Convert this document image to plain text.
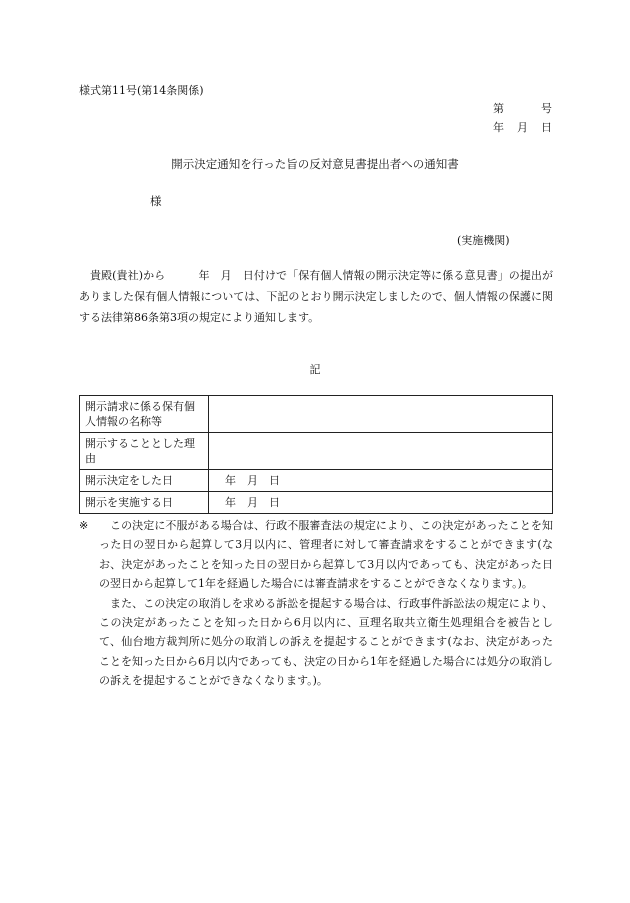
様式第11号(第14条関係)
第　　　号
年　月　日
開示決定通知を行った旨の反対意見書提出者への通知書
様
(実施機関)

貴殿(貴社)から　　　年　月　日付けで「保有個人情報の開示決定等に係る意見書」の提出がありました保有個人情報については、下記のとおり開示決定しましたので、個人情報の保護に関する法律第86条第3項の規定により通知します。

記
開示請求に係る保有個人情報の名称等	
開示することとした理由	
開示決定をした日	年　月　日
開示を実施する日	年　月　日
※	この決定に不服がある場合は、行政不服審査法の規定により、この決定があったことを知った日の翌日から起算して3月以内に、管理者に対して審査請求をすることができます(なお、決定があったことを知った日の翌日から起算して3月以内であっても、決定があった日の翌日から起算して1年を経過した場合には審査請求をすることができなくなります。)。

また、この決定の取消しを求める訴訟を提起する場合は、行政事件訴訟法の規定により、この決定があったことを知った日から6月以内に、亘理名取共立衛生処理組合を被告として、仙台地方裁判所に処分の取消しの訴えを提起することができます(なお、決定があったことを知った日から6月以内であっても、決定の日から1年を経過した場合には処分の取消しの訴えを提起することができなくなります。)。
